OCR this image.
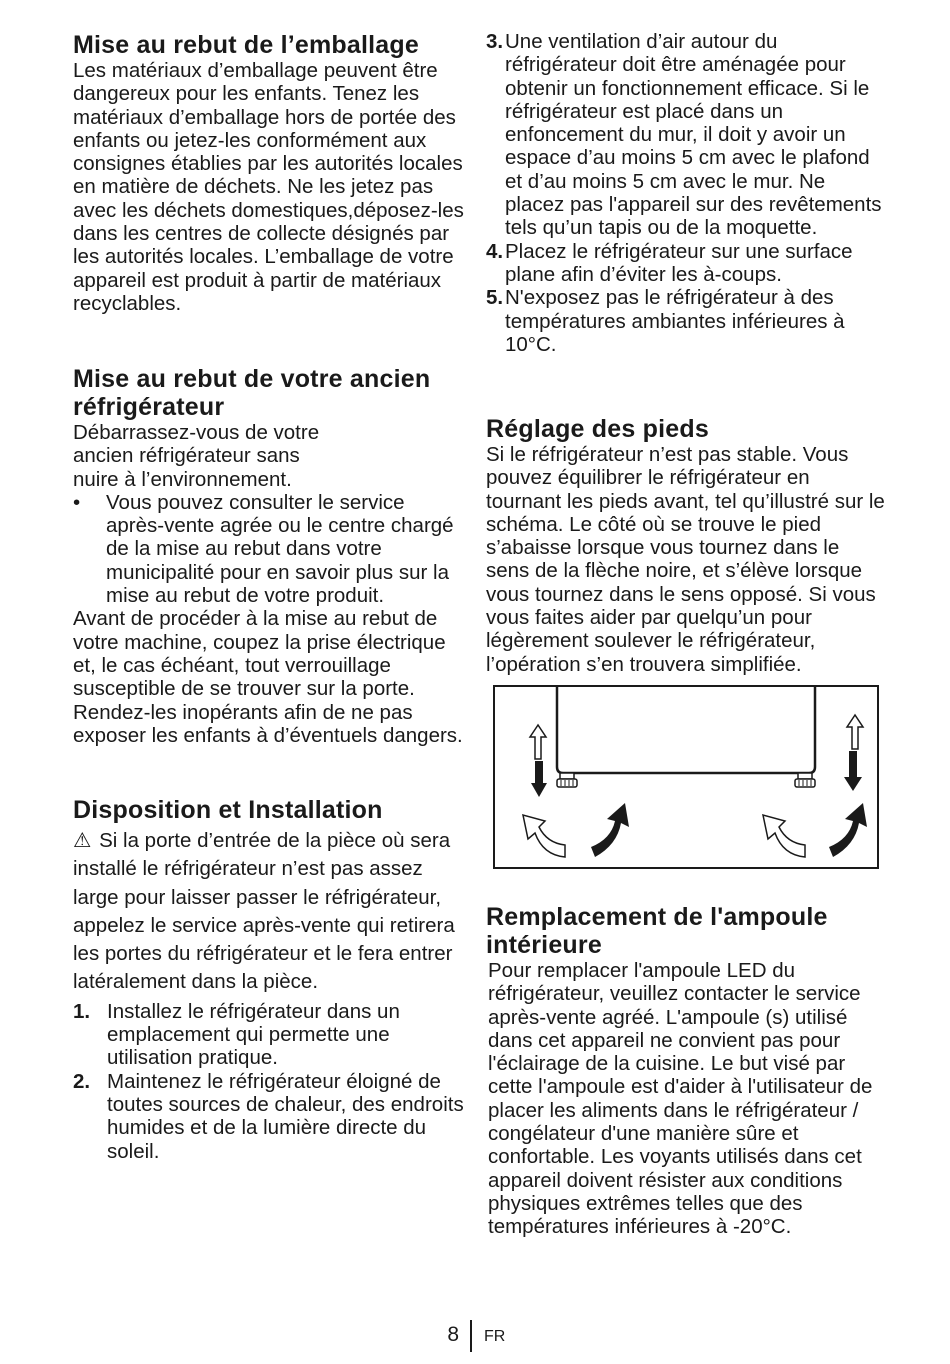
Mise au rebut de l’emballage

Les matériaux d’emballage peuvent être dangereux pour les enfants. Tenez les matériaux d’emballage hors de portée des enfants ou jetez-les conformément aux consignes établies par les autorités locales en matière de déchets. Ne les jetez pas avec les déchets domestiques,déposez-les dans les centres de collecte désignés par les autorités locales. L’emballage de votre appareil est produit à partir de matériaux recyclables.

Mise au rebut de votre ancien
réfrigérateur

Débarrassez-vous de votre ancien réfrigérateur sans nuire à l’environnement.

•	Vous pouvez consulter le service après-vente agrée ou le centre chargé de la mise au rebut dans votre municipalité pour en savoir plus sur la mise au rebut de votre produit.

Avant de procéder à la mise au rebut de votre machine, coupez la prise électrique et, le cas échéant, tout verrouillage susceptible de se trouver sur la porte. Rendez-les inopérants afin de ne pas exposer les enfants à d’éventuels dangers.

Disposition et Installation

⚠ Si la porte d’entrée de la pièce où sera installé le réfrigérateur n’est pas assez large pour laisser passer le réfrigérateur, appelez le service après-vente qui retirera les portes du réfrigérateur et le fera entrer latéralement dans la pièce.

1. Installez le réfrigérateur dans un emplacement qui permette une utilisation pratique.
2. Maintenez le réfrigérateur éloigné de toutes sources de chaleur, des endroits humides et de la lumière directe du soleil.
3. Une ventilation d’air autour du réfrigérateur doit être aménagée pour obtenir un fonctionnement efficace. Si le réfrigérateur est placé dans un enfoncement du mur, il doit y avoir un espace d’au moins 5 cm avec le plafond et d’au moins 5 cm avec le mur. Ne placez pas l'appareil sur des revêtements tels qu’un tapis ou de la moquette.
4. Placez le réfrigérateur sur une surface plane afin d’éviter les à-coups.
5. N'exposez pas le réfrigérateur à des températures ambiantes inférieures à 10°C.
Réglage des pieds

Si le réfrigérateur n’est pas stable. Vous pouvez équilibrer le réfrigérateur en tournant les pieds avant, tel qu’illustré sur le schéma. Le côté où se trouve le pied s’abaisse lorsque vous tournez dans le sens de la flèche noire, et s’élève lorsque vous tournez dans le sens opposé. Si vous vous faites aider par quelqu’un pour légèrement soulever le réfrigérateur, l’opération s’en trouvera simplifiée.

Remplacement de l'ampoule
intérieure

Pour remplacer l'ampoule LED du réfrigérateur, veuillez contacter le service après-vente agréé. L'ampoule (s) utilisé dans cet appareil ne convient pas pour l'éclairage de la cuisine. Le but visé par cette l'ampoule est d'aider à l'utilisateur de placer les aliments dans le réfrigérateur / congélateur d'une manière sûre et confortable. Les voyants utilisés dans cet appareil doivent résister aux conditions physiques extrêmes telles que des températures inférieures à -20°C.

8 FR
